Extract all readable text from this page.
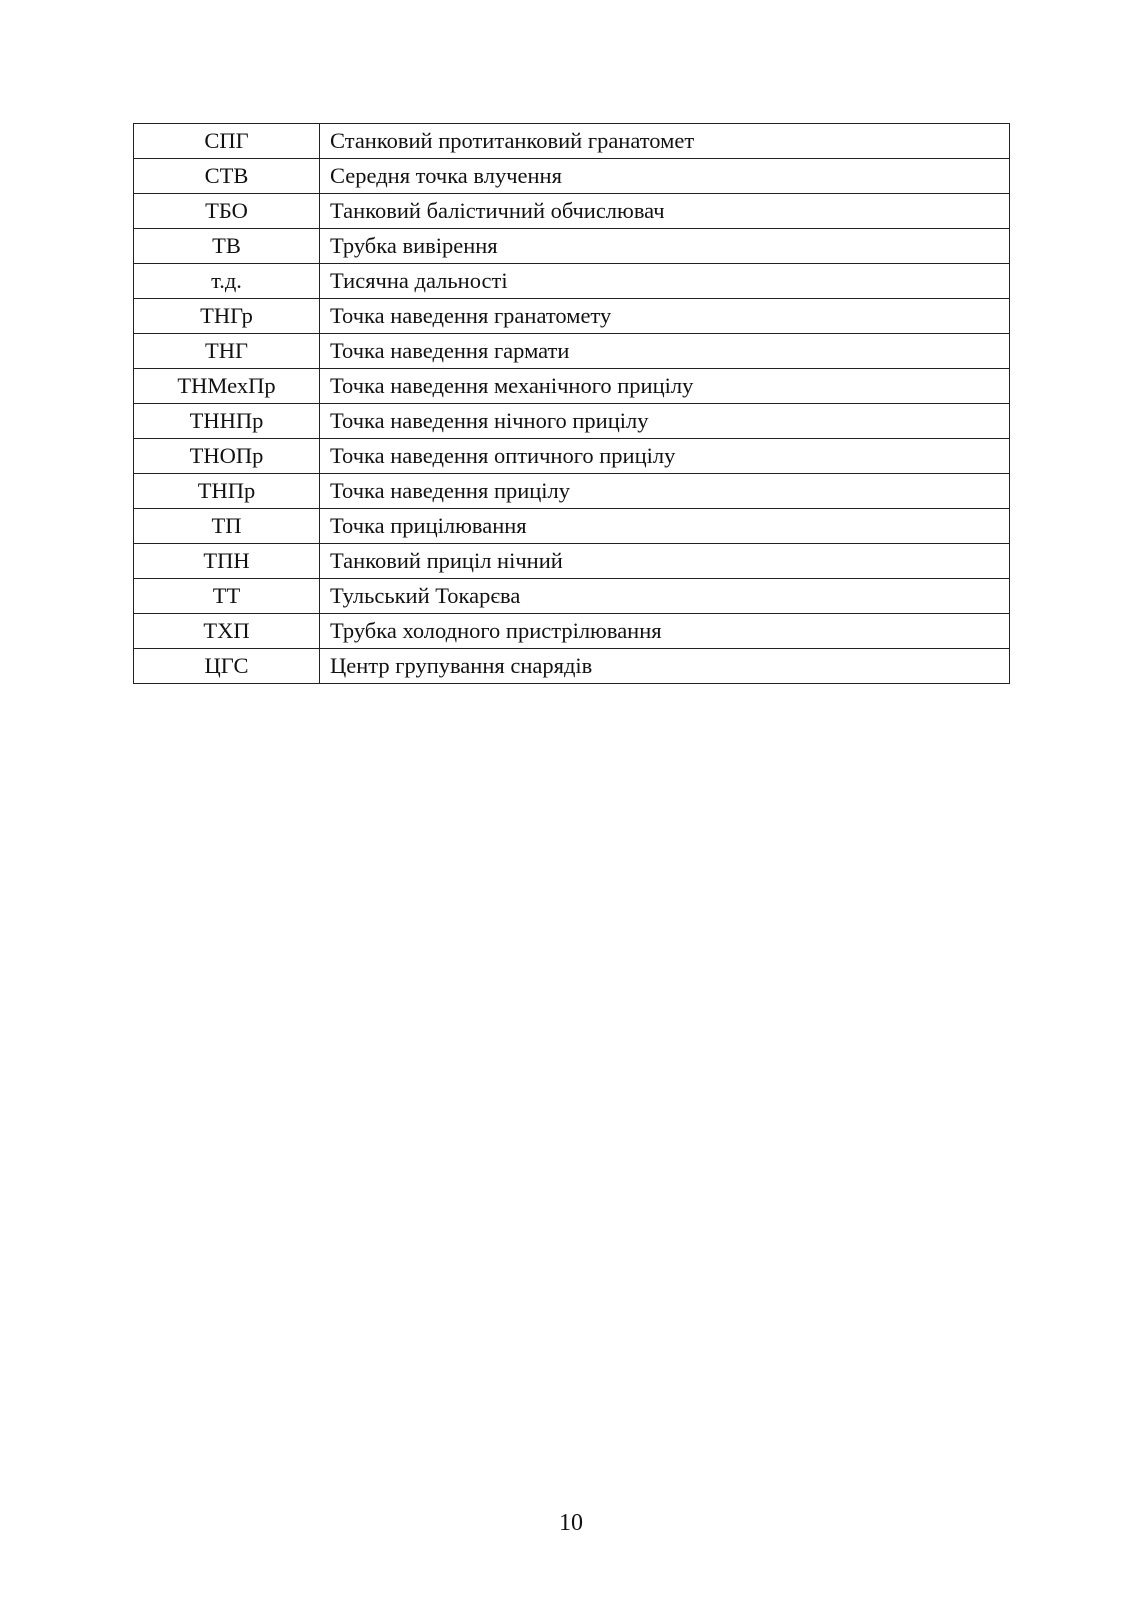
СПГ	Станковий протитанковий гранатомет
СТВ	Середня точка влучення
ТБО	Танковий балістичний обчислювач
ТВ	Трубка вивірення
т.д.	Тисячна дальності
ТНГр	Точка наведення гранатомету
ТНГ	Точка наведення гармати
ТНМехПр	Точка наведення механічного прицілу
ТННПр	Точка наведення нічного прицілу
ТНОПр	Точка наведення оптичного прицілу
ТНПр	Точка наведення прицілу
ТП	Точка прицілювання
ТПН	Танковий приціл нічний
ТТ	Тульський Токарєва
ТХП	Трубка холодного пристрілювання
ЦГС	Центр групування снарядів
10
